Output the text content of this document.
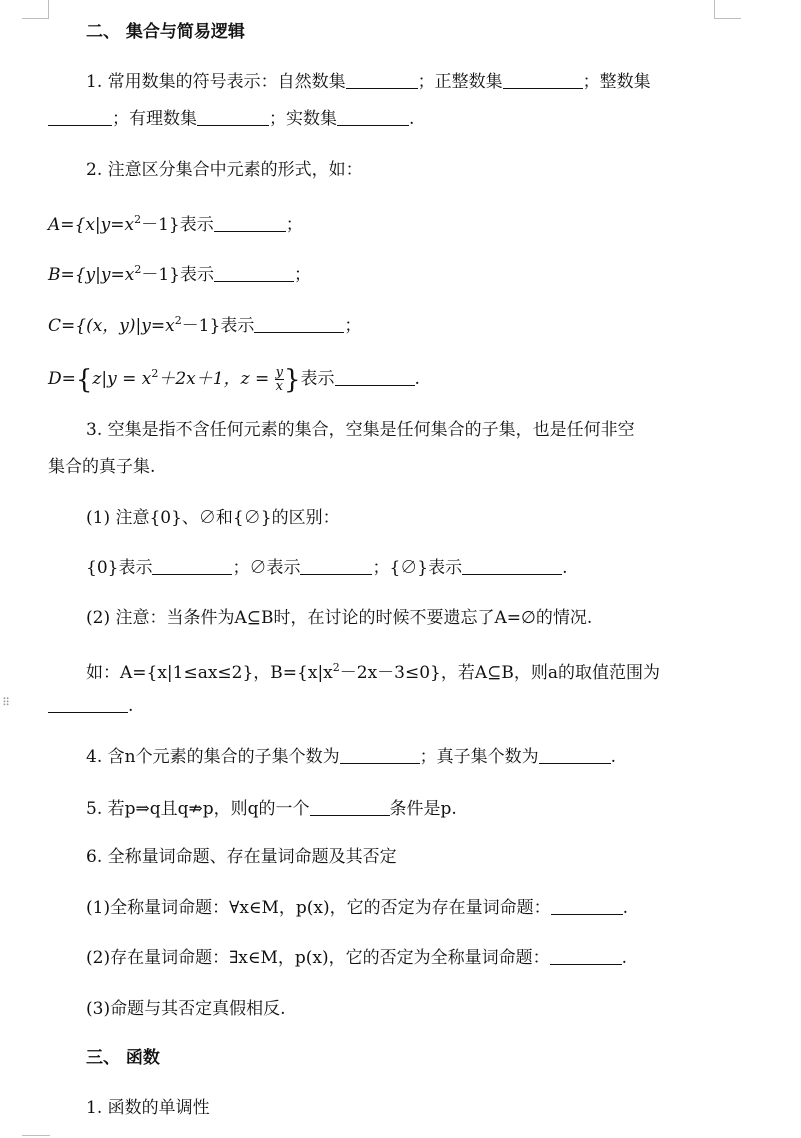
⠿
二、 集合与简易逻辑
1. 常用数集的符号表示：自然数集	；正整数集	；整数集
；有理数集	；实数集	.
2. 注意区分集合中元素的形式，如：
$A=\{x|y=x^2-1\}$表示	；
$B=\{y|y=x^2-1\}$表示	；
C={(x，$y)|y=x^2-1$}表示	；
$D=\{z|y = x^2+2x+1$，$z = \frac{y}{x}$ }表示	.
3. 空集是指不含任何元素的集合，空集是任何集合的子集，也是任何非空
集合的真子集.
(1) 注意{0}、∅和{∅}的区别：
{0}表示	；∅表示	；{∅}表示	.
(2) 注意：当条件为A⊆B时，在讨论的时候不要遗忘了A=∅的情况.
如：A={x|1≤ax≤2}，$B=\{x|x^2-2x-3\le 0\}$，若A⊆B，则a的取值范围为
.
4. 含n个元素的集合的子集个数为	；真子集个数为	.
5. 若p⇒q且q⇏p，则q的一个	条件是p.
6. 全称量词命题、存在量词命题及其否定
(1)全称量词命题：∀x∈M，p(x)，它的否定为存在量词命题：	.
(2)存在量词命题：∃x∈M，p(x)，它的否定为全称量词命题：	.
(3)命题与其否定真假相反.
三、 函数
1. 函数的单调性
